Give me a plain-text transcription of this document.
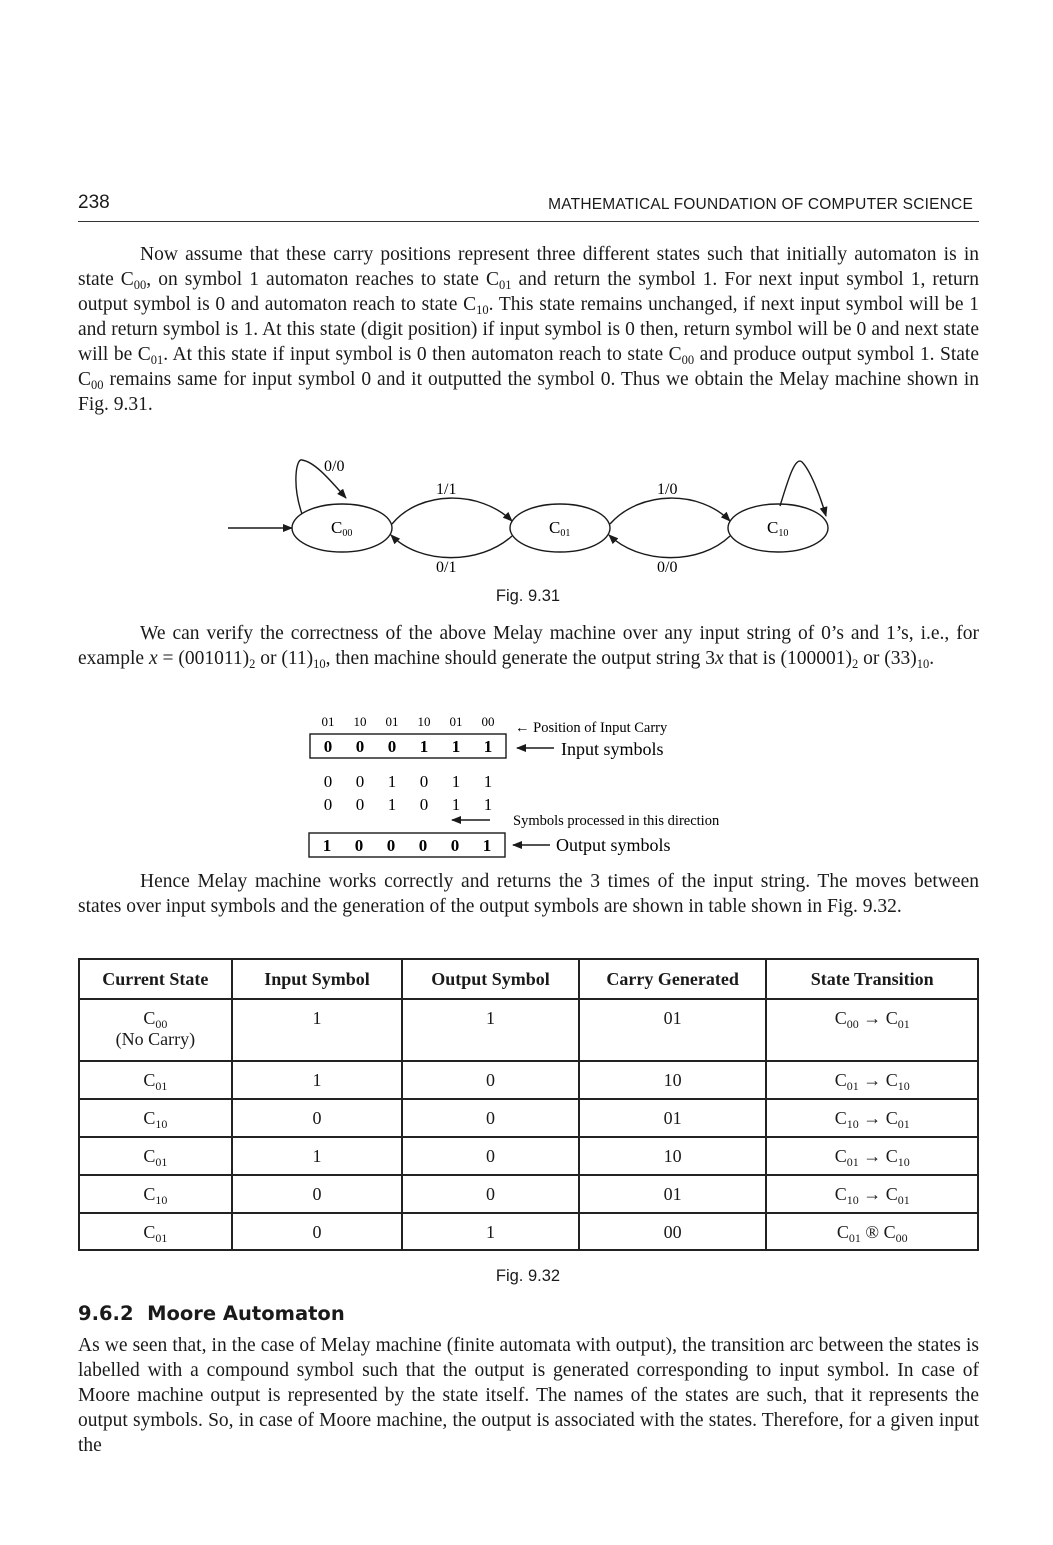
238	MATHEMATICAL FOUNDATION OF COMPUTER SCIENCE

Now assume that these carry positions represent three different states such that initially automaton is in state $C_{00}$, on symbol 1 automaton reaches to state $C_{01}$ and return the symbol 1. For next input symbol 1, return output symbol is 0 and automaton reach to state $C_{10}$. This state remains unchanged, if next input symbol will be 1 and return symbol is 1. At this state (digit position) if input symbol is 0 then, return symbol will be 0 and next state will be $C_{01}$. At this state if input symbol is 0 then automaton reach to state $C_{00}$ and produce output symbol 1. State $C_{00}$ remains same for input symbol 0 and it outputted the symbol 0. Thus we obtain the Melay machine shown in Fig. 9.31.

C00	C01	C10
0/0
1/1
0/1
1/0
0/0
Fig. 9.31

We can verify the correctness of the above Melay machine over any input string of 0’s and 1’s, i.e., for example $x = (001011)_2$ or $(11)_{10}$, then machine should generate the output string 3x that is $(100001)_2$ or $(33)_{10}$.

01 10 01 10 01 00 ← Position of Input Carry
0 0 0 1 1 1	Input symbols
0 0 1 0 1 1
0 0 1 0 1 1
Symbols processed in this direction
1 0 0 0 0 1	Output symbols

Hence Melay machine works correctly and returns the 3 times of the input string. The moves between states over input symbols and the generation of the output symbols are shown in table shown in Fig. 9.32.

Current State	Input Symbol	Output Symbol	Carry Generated	State Transition
$C_{00}$
(No Carry)	1	1	01	$C_{00} \to C_{01}$
$C_{01}$	1	0	10	$C_{01} \to C_{10}$
$C_{10}$	0	0	01	$C_{10} \to C_{01}$
$C_{01}$	1	0	10	$C_{01} \to C_{10}$
$C_{10}$	0	0	01	$C_{10} \to C_{01}$
$C_{01}$	0	1	00	$C_{01}$ ® $C_{00}$
Fig. 9.32
9.6.2  Moore Automaton

As we seen that, in the case of Melay machine (finite automata with output), the transition arc between the states is labelled with a compound symbol such that the output is generated corresponding to input symbol. In case of Moore machine output is represented by the state itself. The names of the states are such, that it represents the output symbols. So, in case of Moore machine, the output is associated with the states. Therefore, for a given input the
